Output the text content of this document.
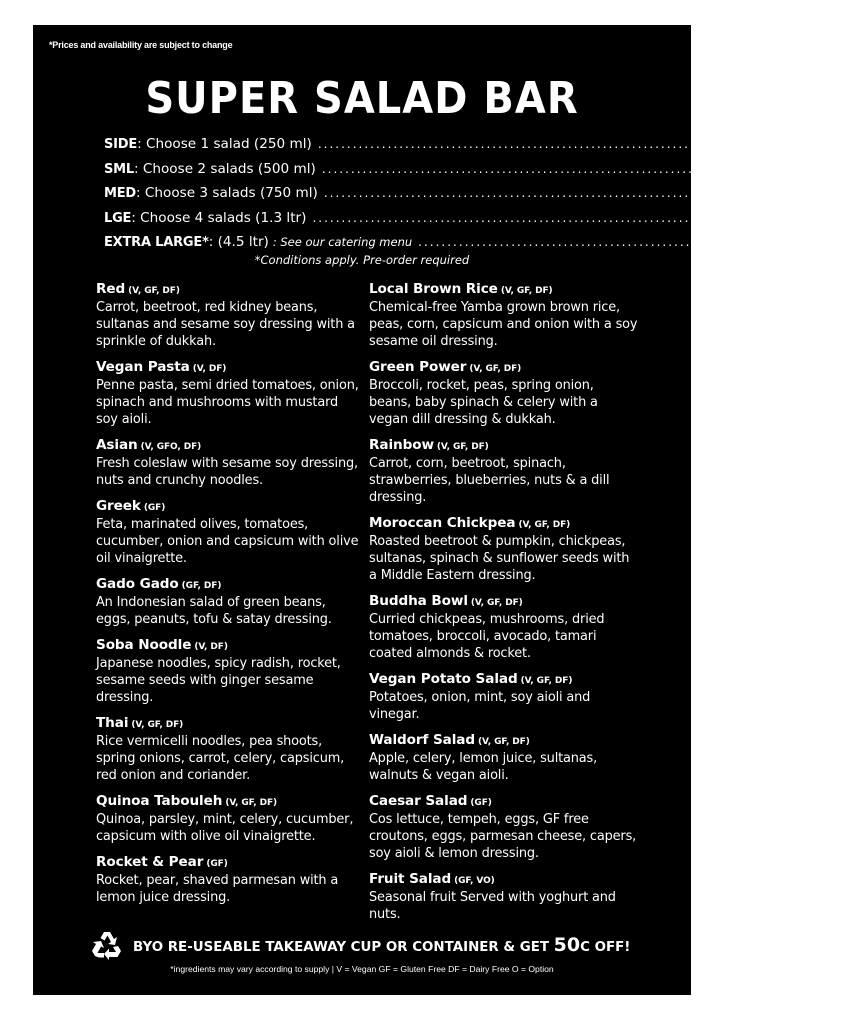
*Prices and availability are subject to change
SUPER SALAD BAR
SIDE : Choose 1 salad (250 ml) ........................................................................ 8
SML : Choose 2 salads (500 ml) ........................................................................ 13
MED : Choose 3 salads (750 ml) ........................................................................ 16
LGE : Choose 4 salads (1.3 ltr) ........................................................................ 22
EXTRA LARGE* : (4.5 ltr) : See our catering menu ........................................................................ 80
*Conditions apply. Pre-order required
Red (V, GF, DF)
Carrot, beetroot, red kidney beans, sultanas and sesame soy dressing with a sprinkle of dukkah.
Vegan Pasta (V, DF)
Penne pasta, semi dried tomatoes, onion, spinach and mushrooms with mustard soy aioli.
Asian (V, GFO, DF)
Fresh coleslaw with sesame soy dressing, nuts and crunchy noodles.
Greek (GF)
Feta, marinated olives, tomatoes, cucumber, onion and capsicum with olive oil vinaigrette.
Gado Gado (GF, DF)
An Indonesian salad of green beans, eggs, peanuts, tofu & satay dressing.
Soba Noodle (V, DF)
Japanese noodles, spicy radish, rocket, sesame seeds with ginger sesame dressing.
Thai (V, GF, DF)
Rice vermicelli noodles, pea shoots, spring onions, carrot, celery, capsicum, red onion and coriander.
Quinoa Tabouleh (V, GF, DF)
Quinoa, parsley, mint, celery, cucumber, capsicum with olive oil vinaigrette.
Rocket & Pear (GF)
Rocket, pear, shaved parmesan with a lemon juice dressing.
Local Brown Rice (V, GF, DF)
Chemical-free Yamba grown brown rice, peas, corn, capsicum and onion with a soy sesame oil dressing.
Green Power (V, GF, DF)
Broccoli, rocket, peas, spring onion, beans, baby spinach & celery with a vegan dill dressing & dukkah.
Rainbow (V, GF, DF)
Carrot, corn, beetroot, spinach, strawberries, blueberries, nuts & a dill dressing.
Moroccan Chickpea (V, GF, DF)
Roasted beetroot & pumpkin, chickpeas, sultanas, spinach & sunflower seeds with a Middle Eastern dressing.
Buddha Bowl (V, GF, DF)
Curried chickpeas, mushrooms, dried tomatoes, broccoli, avocado, tamari coated almonds & rocket.
Vegan Potato Salad (V, GF, DF)
Potatoes, onion, mint, soy aioli and vinegar.
Waldorf Salad (V, GF, DF)
Apple, celery, lemon juice, sultanas, walnuts & vegan aioli.
Caesar Salad (GF)
Cos lettuce, tempeh, eggs, GF free croutons, eggs, parmesan cheese, capers, soy aioli & lemon dressing.
Fruit Salad (GF, VO)
Seasonal fruit Served with yoghurt and nuts.
BYO RE-USEABLE TAKEAWAY CUP OR CONTAINER & GET 50C OFF!
*ingredients may vary according to supply | V = Vegan GF = Gluten Free DF = Dairy Free O = Option
